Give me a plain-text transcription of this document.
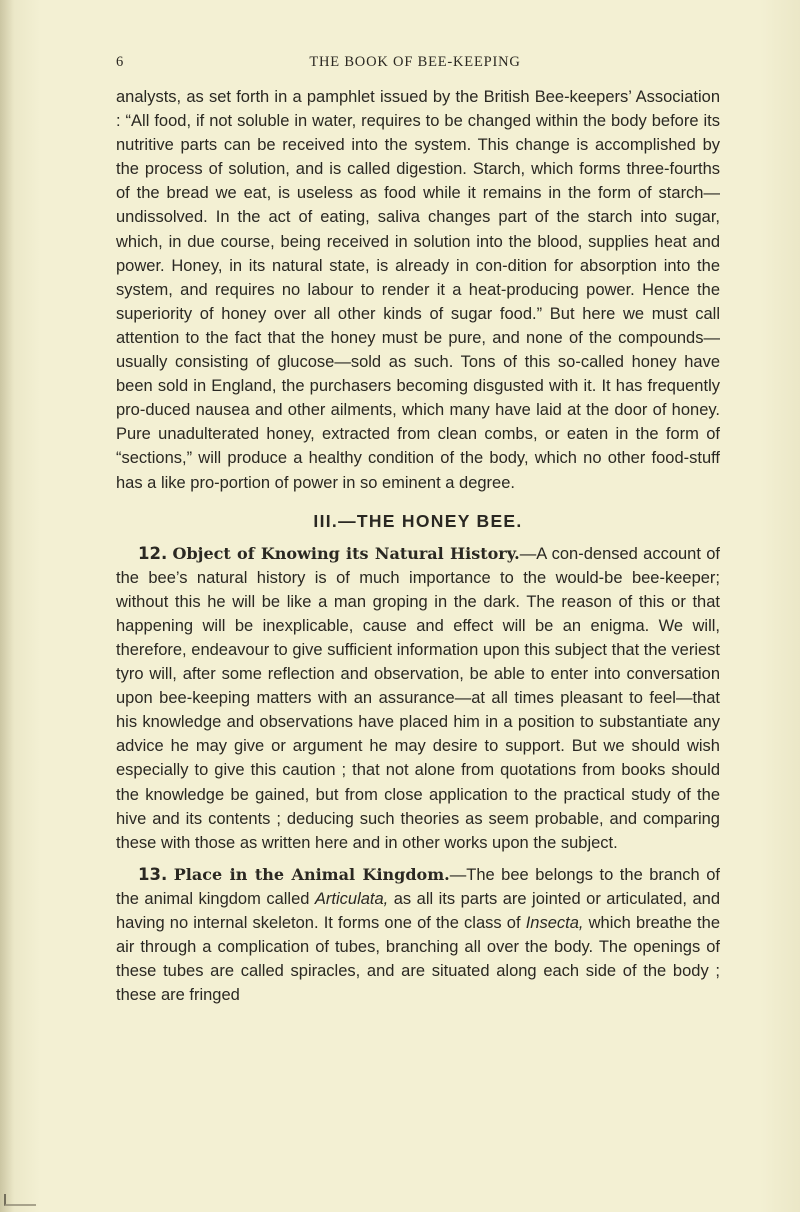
6	THE BOOK OF BEE-KEEPING

analysts, as set forth in a pamphlet issued by the British Bee-keepers’ Association : “All food, if not soluble in water, requires to be changed within the body before its nutritive parts can be received into the system. This change is accomplished by the process of solution, and is called digestion. Starch, which forms three-fourths of the bread we eat, is useless as food while it remains in the form of starch—undissolved. In the act of eating, saliva changes part of the starch into sugar, which, in due course, being received in solution into the blood, supplies heat and power. Honey, in its natural state, is already in con-dition for absorption into the system, and requires no labour to render it a heat-producing power. Hence the superiority of honey over all other kinds of sugar food.” But here we must call attention to the fact that the honey must be pure, and none of the compounds—usually consisting of glucose—sold as such. Tons of this so-called honey have been sold in England, the purchasers becoming disgusted with it. It has frequently pro-duced nausea and other ailments, which many have laid at the door of honey. Pure unadulterated honey, extracted from clean combs, or eaten in the form of “sections,” will produce a healthy condition of the body, which no other food-stuff has a like pro-portion of power in so eminent a degree.

III.—THE HONEY BEE.

12. Object of Knowing its Natural History.—A con-densed account of the bee’s natural history is of much importance to the would-be bee-keeper; without this he will be like a man groping in the dark. The reason of this or that happening will be inexplicable, cause and effect will be an enigma. We will, therefore, endeavour to give sufficient information upon this subject that the veriest tyro will, after some reflection and observation, be able to enter into conversation upon bee-keeping matters with an assurance—at all times pleasant to feel—that his knowledge and observations have placed him in a position to substantiate any advice he may give or argument he may desire to support. But we should wish especially to give this caution ; that not alone from quotations from books should the knowledge be gained, but from close application to the practical study of the hive and its contents ; deducing such theories as seem probable, and comparing these with those as written here and in other works upon the subject.

13. Place in the Animal Kingdom.—The bee belongs to the branch of the animal kingdom called Articulata, as all its parts are jointed or articulated, and having no internal skeleton. It forms one of the class of Insecta, which breathe the air through a complication of tubes, branching all over the body. The openings of these tubes are called spiracles, and are situated along each side of the body ; these are fringed
